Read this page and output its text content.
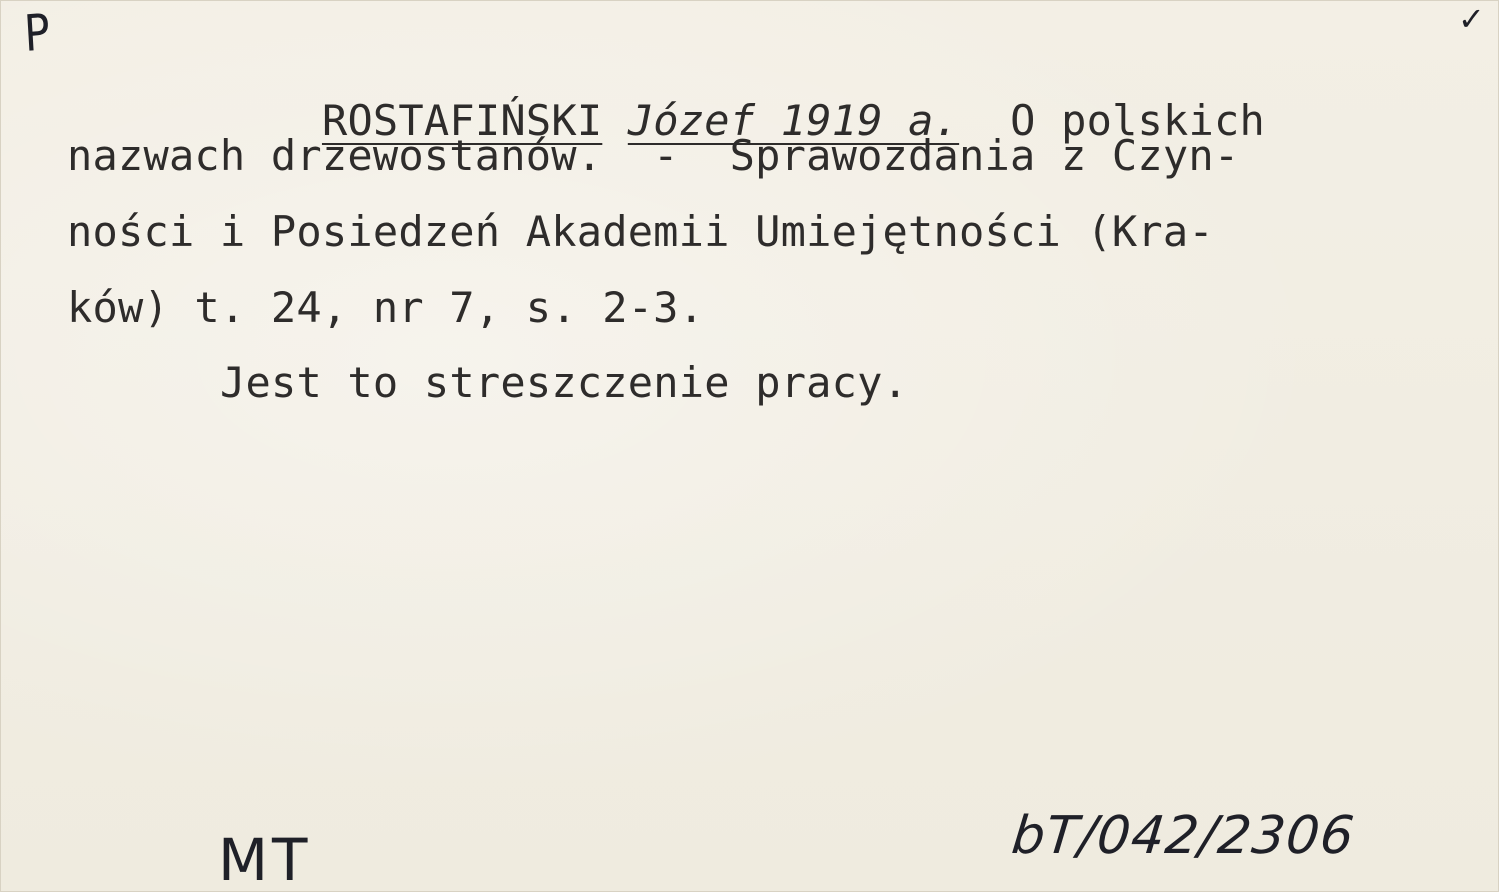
P	✓

ROSTAFIŃSKI Józef 1919 a. O polskich

nazwach drzewostanów.  -  Sprawozdania z Czyn-
ności i Posiedzeń Akademii Umiejętności (Kra-
ków) t. 24, nr 7, s. 2-3.
Jest to streszczenie pracy.
MT	bT/042/2306
